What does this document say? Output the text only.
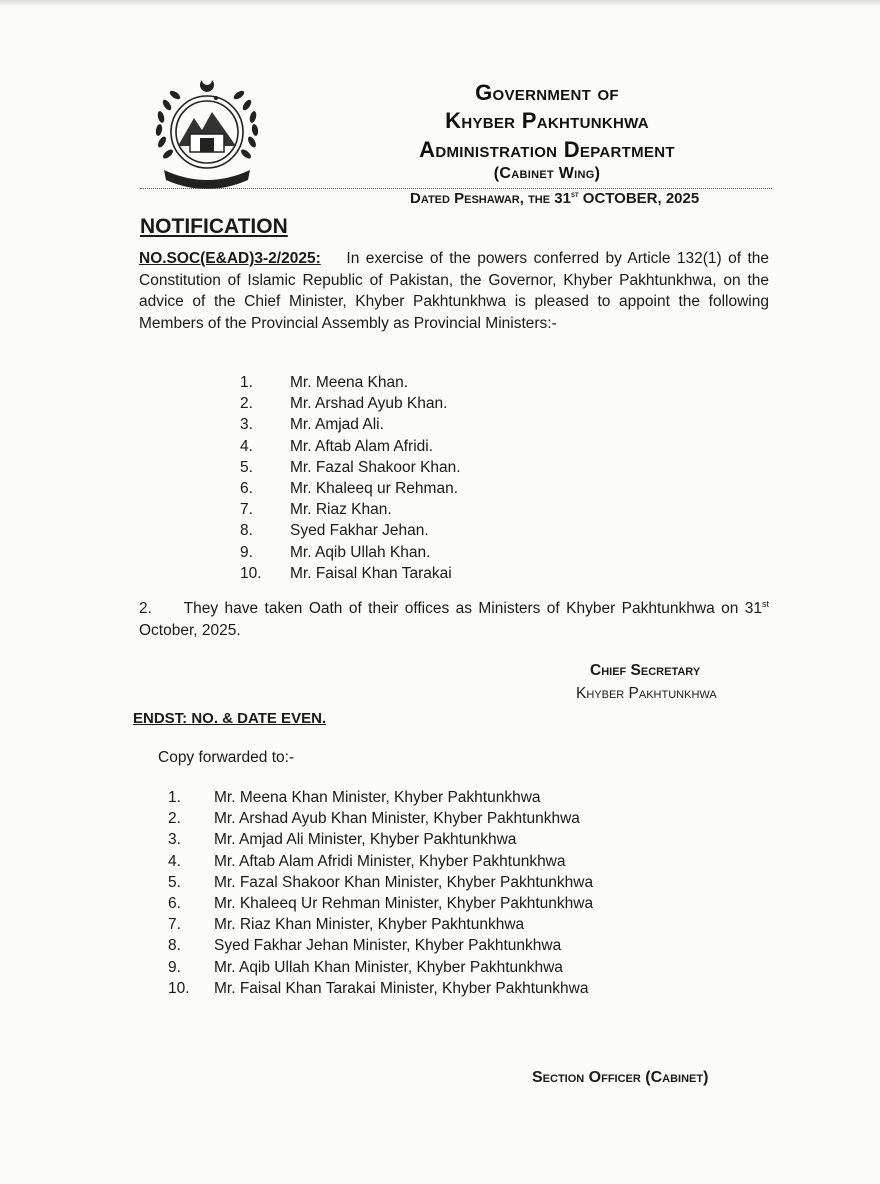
Government of
Khyber Pakhtunkhwa
Administration Department
(Cabinet Wing)
Dated Peshawar, the 31st OCTOBER, 2025
NOTIFICATION
NO.SOC(E&AD)3-2/2025: In exercise of the powers conferred by Article 132(1) of the Constitution of Islamic Republic of Pakistan, the Governor, Khyber Pakhtunkhwa, on the advice of the Chief Minister, Khyber Pakhtunkhwa is pleased to appoint the following Members of the Provincial Assembly as Provincial Ministers:-
1. Mr. Meena Khan.
2. Mr. Arshad Ayub Khan.
3. Mr. Amjad Ali.
4. Mr. Aftab Alam Afridi.
5. Mr. Fazal Shakoor Khan.
6. Mr. Khaleeq ur Rehman.
7. Mr. Riaz Khan.
8. Syed Fakhar Jehan.
9. Mr. Aqib Ullah Khan.
10. Mr. Faisal Khan Tarakai
2.     They have taken Oath of their offices as Ministers of Khyber Pakhtunkhwa on 31st October, 2025.
Chief Secretary
Khyber Pakhtunkhwa
ENDST: NO. & DATE EVEN.
Copy forwarded to:-
1. Mr. Meena Khan Minister, Khyber Pakhtunkhwa
2. Mr. Arshad Ayub Khan Minister, Khyber Pakhtunkhwa
3. Mr. Amjad Ali Minister, Khyber Pakhtunkhwa
4. Mr. Aftab Alam Afridi Minister, Khyber Pakhtunkhwa
5. Mr. Fazal Shakoor Khan Minister, Khyber Pakhtunkhwa
6. Mr. Khaleeq Ur Rehman Minister, Khyber Pakhtunkhwa
7. Mr. Riaz Khan Minister, Khyber Pakhtunkhwa
8. Syed Fakhar Jehan Minister, Khyber Pakhtunkhwa
9. Mr. Aqib Ullah Khan Minister, Khyber Pakhtunkhwa
10. Mr. Faisal Khan Tarakai Minister, Khyber Pakhtunkhwa
Section Officer (Cabinet)
